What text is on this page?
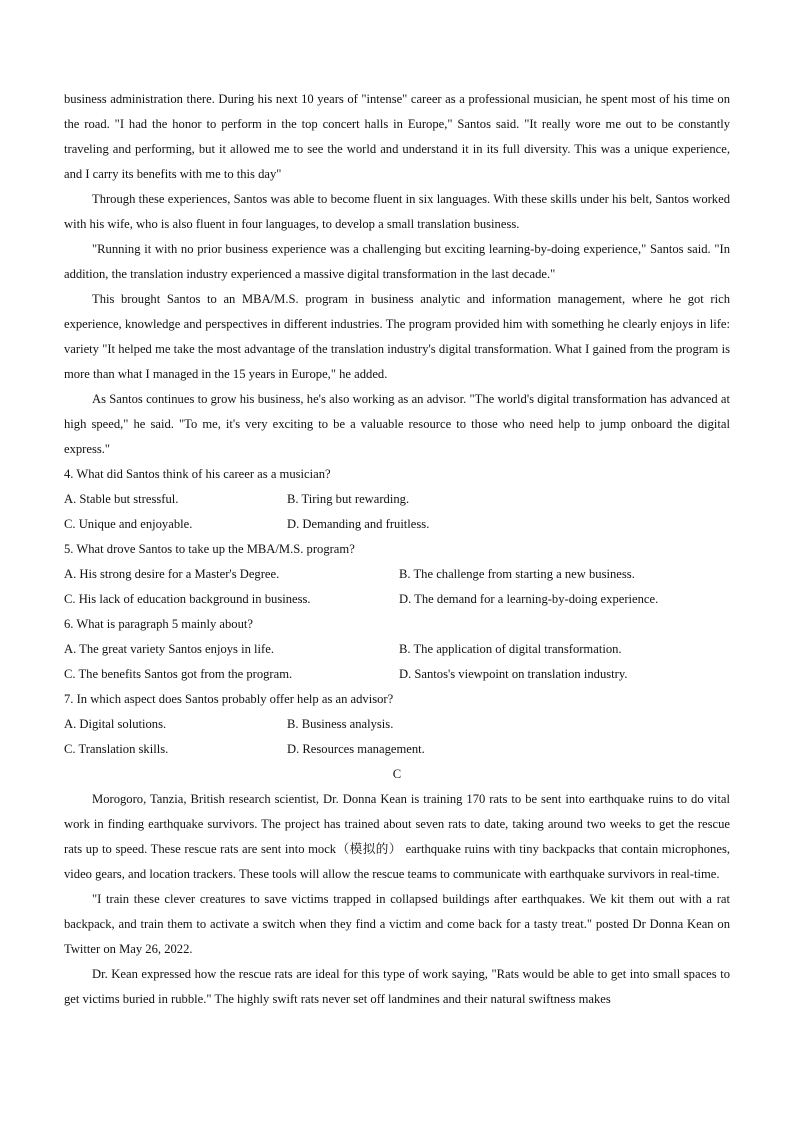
business administration there. During his next 10 years of "intense" career as a professional musician, he spent most of his time on the road. "I had the honor to perform in the top concert halls in Europe," Santos said. "It really wore me out to be constantly traveling and performing, but it allowed me to see the world and understand it in its full diversity. This was a unique experience, and I carry its benefits with me to this day"

Through these experiences, Santos was able to become fluent in six languages. With these skills under his belt, Santos worked with his wife, who is also fluent in four languages, to develop a small translation business.

"Running it with no prior business experience was a challenging but exciting learning-by-doing experience," Santos said. "In addition, the translation industry experienced a massive digital transformation in the last decade."

This brought Santos to an MBA/M.S. program in business analytic and information management, where he got rich experience, knowledge and perspectives in different industries. The program provided him with something he clearly enjoys in life: variety "It helped me take the most advantage of the translation industry's digital transformation. What I gained from the program is more than what I managed in the 15 years in Europe," he added.

As Santos continues to grow his business, he's also working as an advisor. "The world's digital transformation has advanced at high speed," he said. "To me, it's very exciting to be a valuable resource to those who need help to jump onboard the digital express."

4. What did Santos think of his career as a musician?

A. Stable but stressful.	B. Tiring but rewarding.
C. Unique and enjoyable.	D. Demanding and fruitless.

5. What drove Santos to take up the MBA/M.S. program?

A. His strong desire for a Master's Degree.	B. The challenge from starting a new business.
C. His lack of education background in business.	D. The demand for a learning-by-doing experience.

6. What is paragraph 5 mainly about?

A. The great variety Santos enjoys in life.	B. The application of digital transformation.
C. The benefits Santos got from the program.	D. Santos's viewpoint on translation industry.

7. In which aspect does Santos probably offer help as an advisor?

A. Digital solutions.	B. Business analysis.
C. Translation skills.	D. Resources management.

C

Morogoro, Tanzia, British research scientist, Dr. Donna Kean is training 170 rats to be sent into earthquake ruins to do vital work in finding earthquake survivors. The project has trained about seven rats to date, taking around two weeks to get the rescue rats up to speed. These rescue rats are sent into mock（模拟的） earthquake ruins with tiny backpacks that contain microphones, video gears, and location trackers. These tools will allow the rescue teams to communicate with earthquake survivors in real-time.

"I train these clever creatures to save victims trapped in collapsed buildings after earthquakes. We kit them out with a rat backpack, and train them to activate a switch when they find a victim and come back for a tasty treat." posted Dr Donna Kean on Twitter on May 26, 2022.

Dr. Kean expressed how the rescue rats are ideal for this type of work saying, "Rats would be able to get into small spaces to get victims buried in rubble." The highly swift rats never set off landmines and their natural swiftness makes
